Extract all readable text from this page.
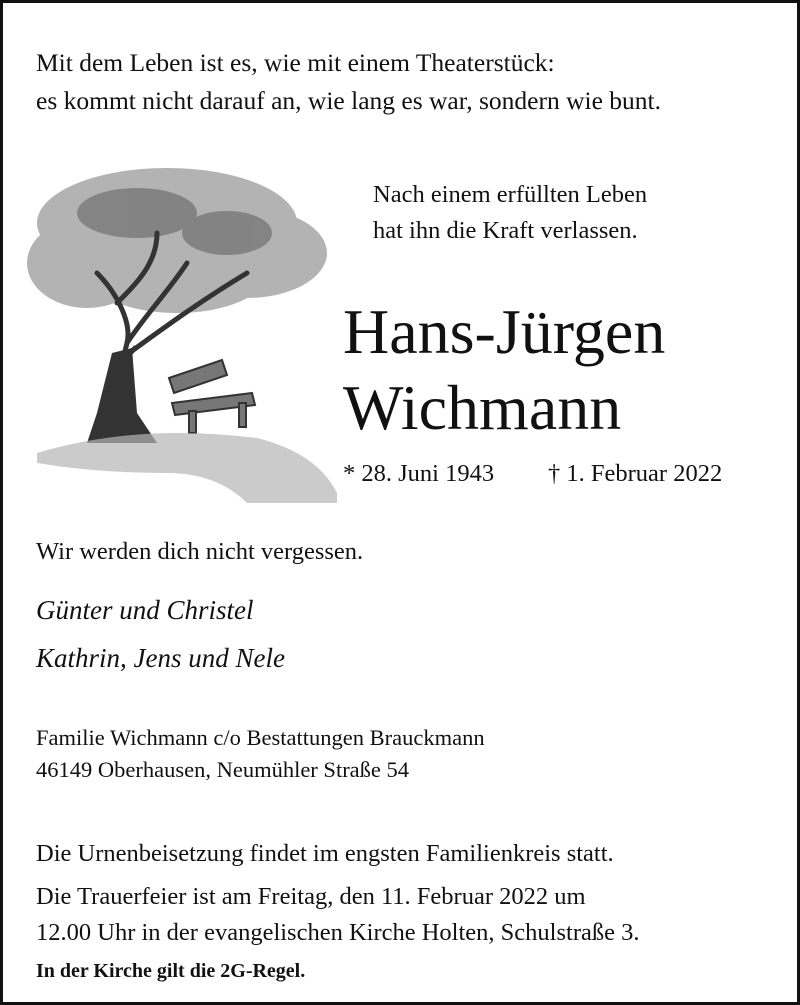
Mit dem Leben ist es, wie mit einem Theaterstück:
es kommt nicht darauf an, wie lang es war, sondern wie bunt.
Nach einem erfüllten Leben
hat ihn die Kraft verlassen.
Hans-Jürgen
Wichmann
* 28. Juni 1943 † 1. Februar 2022
Wir werden dich nicht vergessen.
Günter und Christel
Kathrin, Jens und Nele
Familie Wichmann c/o Bestattungen Brauckmann
46149 Oberhausen, Neumühler Straße 54
Die Urnenbeisetzung findet im engsten Familienkreis statt.
Die Trauerfeier ist am Freitag, den 11. Februar 2022 um
12.00 Uhr in der evangelischen Kirche Holten, Schulstraße 3.
In der Kirche gilt die 2G-Regel.
